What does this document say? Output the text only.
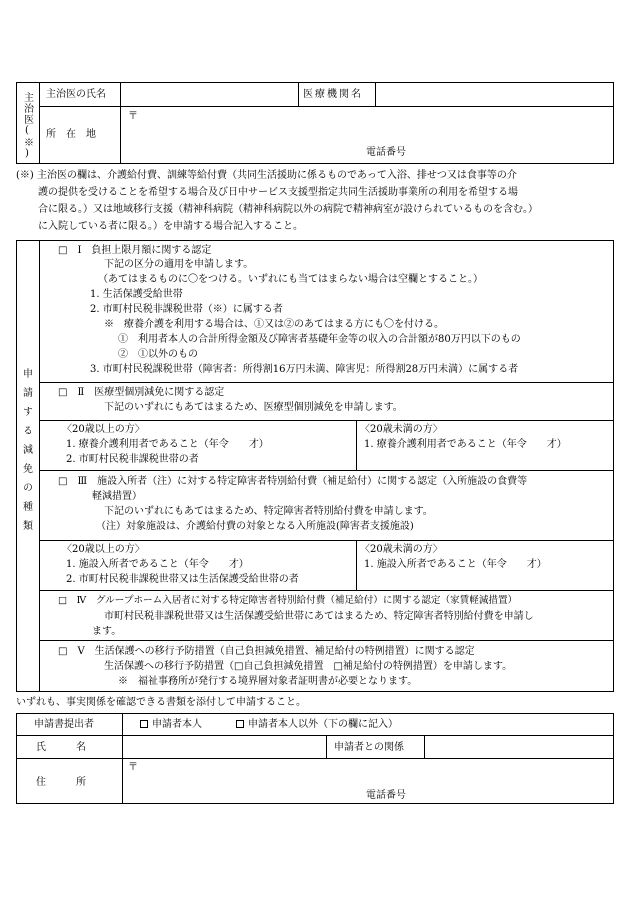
主治医(※) 主治医の氏名	医療機関名
所　在　地
〒
電話番号
(※) 主治医の欄は、介護給付費、訓練等給付費（共同生活援助に係るものであって入浴、排せつ又は食事等の介
護の提供を受けることを希望する場合及び日中サービス支援型指定共同生活援助事業所の利用を希望する場
合に限る。）又は地域移行支援（精神科病院（精神科病院以外の病院で精神病室が設けられているものを含む。）
に入院している者に限る。）を申請する場合記入すること。
申請する減免の種類
□　Ⅰ　負担上限月額に関する認定
下記の区分の適用を申請します。
（あてはまるものに〇をつける。いずれにも当てはまらない場合は空欄とすること。）
1. 生活保護受給世帯
2. 市町村民税非課税世帯（※）に属する者
※　療養介護を利用する場合は、①又は②のあてはまる方にも〇を付ける。
①　利用者本人の合計所得金額及び障害者基礎年金等の収入の合計額が80万円以下のもの
②　①以外のもの
3. 市町村民税課税世帯（障害者：所得割16万円未満、障害児：所得割28万円未満）に属する者
□　Ⅱ　医療型個別減免に関する認定
下記のいずれにもあてはまるため、医療型個別減免を申請します。
〈20歳以上の方〉
1. 療養介護利用者であること（年令　　才）
2. 市町村民税非課税世帯の者
〈20歳未満の方〉
1. 療養介護利用者であること（年令　　才）
□　Ⅲ　施設入所者（注）に対する特定障害者特別給付費（補足給付）に関する認定（入所施設の食費等
軽減措置）
下記のいずれにもあてはまるため、特定障害者特別給付費を申請します。
（注）対象施設は、介護給付費の対象となる入所施設(障害者支援施設)
〈20歳以上の方〉
1. 施設入所者であること（年令　　才）
2. 市町村民税非課税世帯又は生活保護受給世帯の者
〈20歳未満の方〉
1. 施設入所者であること（年令　　才）
□　Ⅳ　グループホーム入居者に対する特定障害者特別給付費（補足給付）に関する認定（家賃軽減措置）
市町村民税非課税世帯又は生活保護受給世帯にあてはまるため、特定障害者特別給付費を申請し
ます。
□　Ⅴ　生活保護への移行予防措置（自己負担減免措置、補足給付の特例措置）に関する認定
生活保護への移行予防措置（□自己負担減免措置　□補足給付の特例措置）を申請します。
※　福祉事務所が発行する境界層対象者証明書が必要となります。
いずれも、事実関係を確認できる書類を添付して申請すること。
申請書提出者	申請者本人	申請者本人以外（下の欄に記入）
氏　　　名	申請者との関係
住　　　所
〒
電話番号
